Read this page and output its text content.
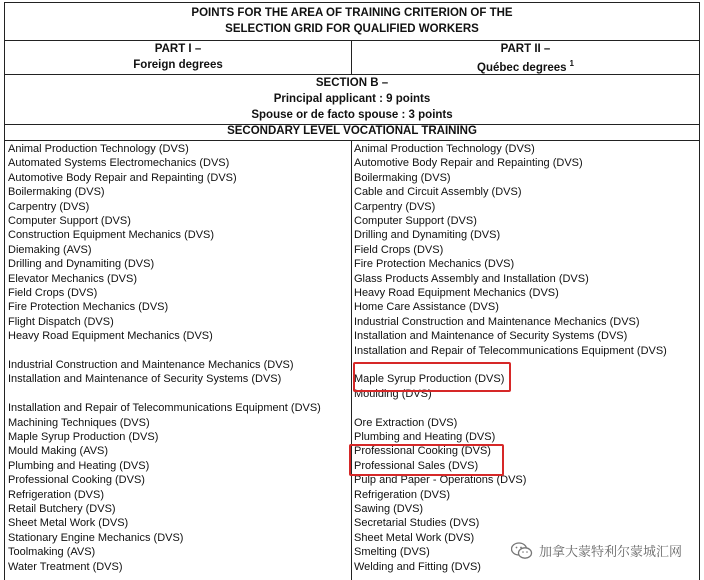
POINTS FOR THE AREA OF TRAINING CRITERION OF THE
SELECTION GRID FOR QUALIFIED WORKERS
PART I –
Foreign degrees
PART II –
Québec degrees $^1$
SECTION B –
Principal applicant : 9 points
Spouse or de facto spouse : 3 points
SECONDARY LEVEL VOCATIONAL TRAINING
Animal Production Technology (DVS)
Automated Systems Electromechanics (DVS)
Automotive Body Repair and Repainting (DVS)
Boilermaking (DVS)
Carpentry (DVS)
Computer Support (DVS)
Construction Equipment Mechanics (DVS)
Diemaking (AVS)
Drilling and Dynamiting (DVS)
Elevator Mechanics (DVS)
Field Crops (DVS)
Fire Protection Mechanics (DVS)
Flight Dispatch (DVS)
Heavy Road Equipment Mechanics (DVS)
Industrial Construction and Maintenance Mechanics (DVS)
Installation and Maintenance of Security Systems (DVS)
Installation and Repair of Telecommunications Equipment (DVS)
Machining Techniques (DVS)
Maple Syrup Production (DVS)
Mould Making (AVS)
Plumbing and Heating (DVS)
Professional Cooking (DVS)
Refrigeration (DVS)
Retail Butchery (DVS)
Sheet Metal Work (DVS)
Stationary Engine Mechanics (DVS)
Toolmaking (AVS)
Water Treatment (DVS)
Animal Production Technology (DVS)
Automotive Body Repair and Repainting (DVS)
Boilermaking (DVS)
Cable and Circuit Assembly (DVS)
Carpentry (DVS)
Computer Support (DVS)
Drilling and Dynamiting (DVS)
Field Crops (DVS)
Fire Protection Mechanics (DVS)
Glass Products Assembly and Installation (DVS)
Heavy Road Equipment Mechanics (DVS)
Home Care Assistance (DVS)
Industrial Construction and Maintenance Mechanics (DVS)
Installation and Maintenance of Security Systems (DVS)
Installation and Repair of Telecommunications Equipment (DVS)
Maple Syrup Production (DVS)
Moulding (DVS)
Ore Extraction (DVS)
Plumbing and Heating (DVS)
Professional Cooking (DVS)
Professional Sales (DVS)
Pulp and Paper - Operations (DVS)
Refrigeration (DVS)
Sawing (DVS)
Secretarial Studies (DVS)
Sheet Metal Work (DVS)
Smelting (DVS)
Welding and Fitting (DVS)
加拿大蒙特利尔蒙城汇网
